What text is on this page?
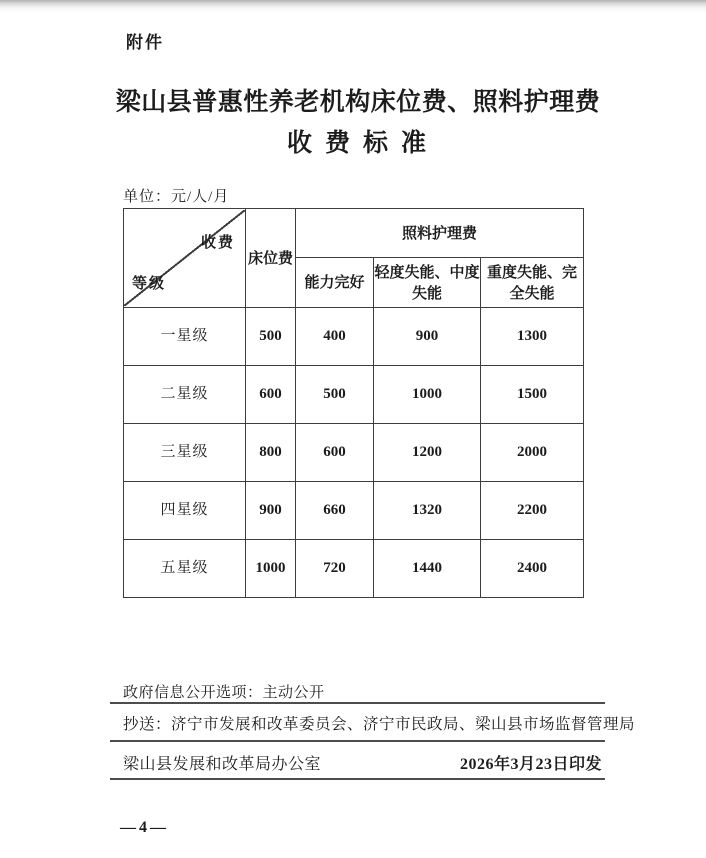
附件
梁山县普惠性养老机构床位费、照料护理费
收费标准
单位：元/人/月
收费
等级	床位费	照料护理费		
		能力完好	轻度失能、中度失能	重度失能、完全失能
一星级	500	400	900	1300
二星级	600	500	1000	1500
三星级	800	600	1200	2000
四星级	900	660	1320	2200
五星级	1000	720	1440	2400
政府信息公开选项：主动公开
抄送：济宁市发展和改革委员会、济宁市民政局、梁山县市场监督管理局
梁山县发展和改革局办公室	2026年3月23日印发
—4—
